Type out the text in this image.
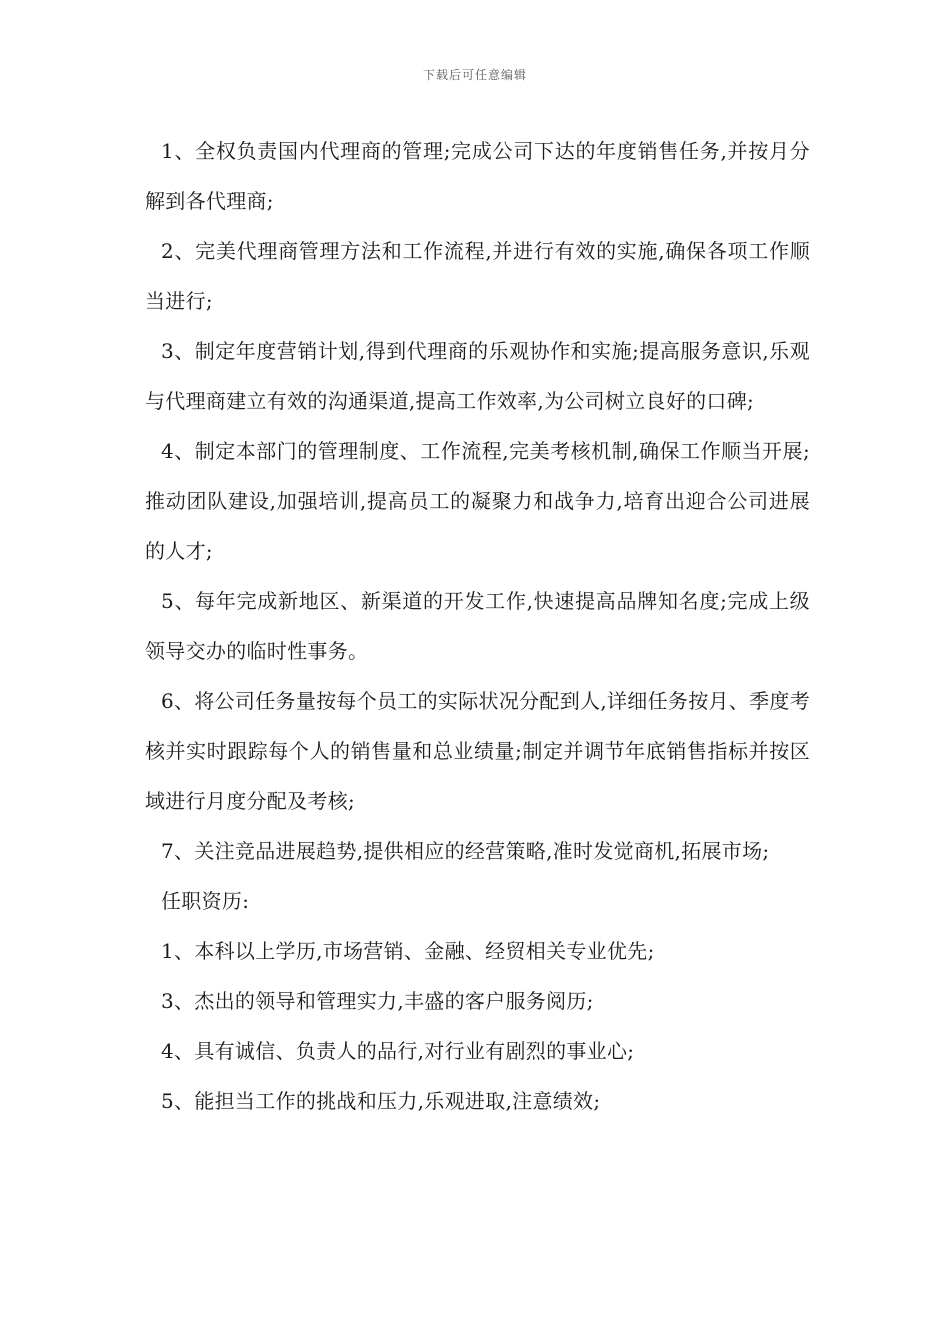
下载后可任意编辑

1、全权负责国内代理商的管理;完成公司下达的年度销售任务,并按月分解到各代理商;

2、完美代理商管理方法和工作流程,并进行有效的实施,确保各项工作顺当进行;

3、制定年度营销计划,得到代理商的乐观协作和实施;提高服务意识,乐观与代理商建立有效的沟通渠道,提高工作效率,为公司树立良好的口碑;

4、制定本部门的管理制度、工作流程,完美考核机制,确保工作顺当开展;推动团队建设,加强培训,提高员工的凝聚力和战争力,培育出迎合公司进展的人才;

5、每年完成新地区、新渠道的开发工作,快速提高品牌知名度;完成上级领导交办的临时性事务。

6、将公司任务量按每个员工的实际状况分配到人,详细任务按月、季度考核并实时跟踪每个人的销售量和总业绩量;制定并调节年底销售指标并按区域进行月度分配及考核;

7、关注竞品进展趋势,提供相应的经营策略,准时发觉商机,拓展市场;

任职资历:

1、本科以上学历,市场营销、金融、经贸相关专业优先;

3、杰出的领导和管理实力,丰盛的客户服务阅历;

4、具有诚信、负责人的品行,对行业有剧烈的事业心;

5、能担当工作的挑战和压力,乐观进取,注意绩效;
